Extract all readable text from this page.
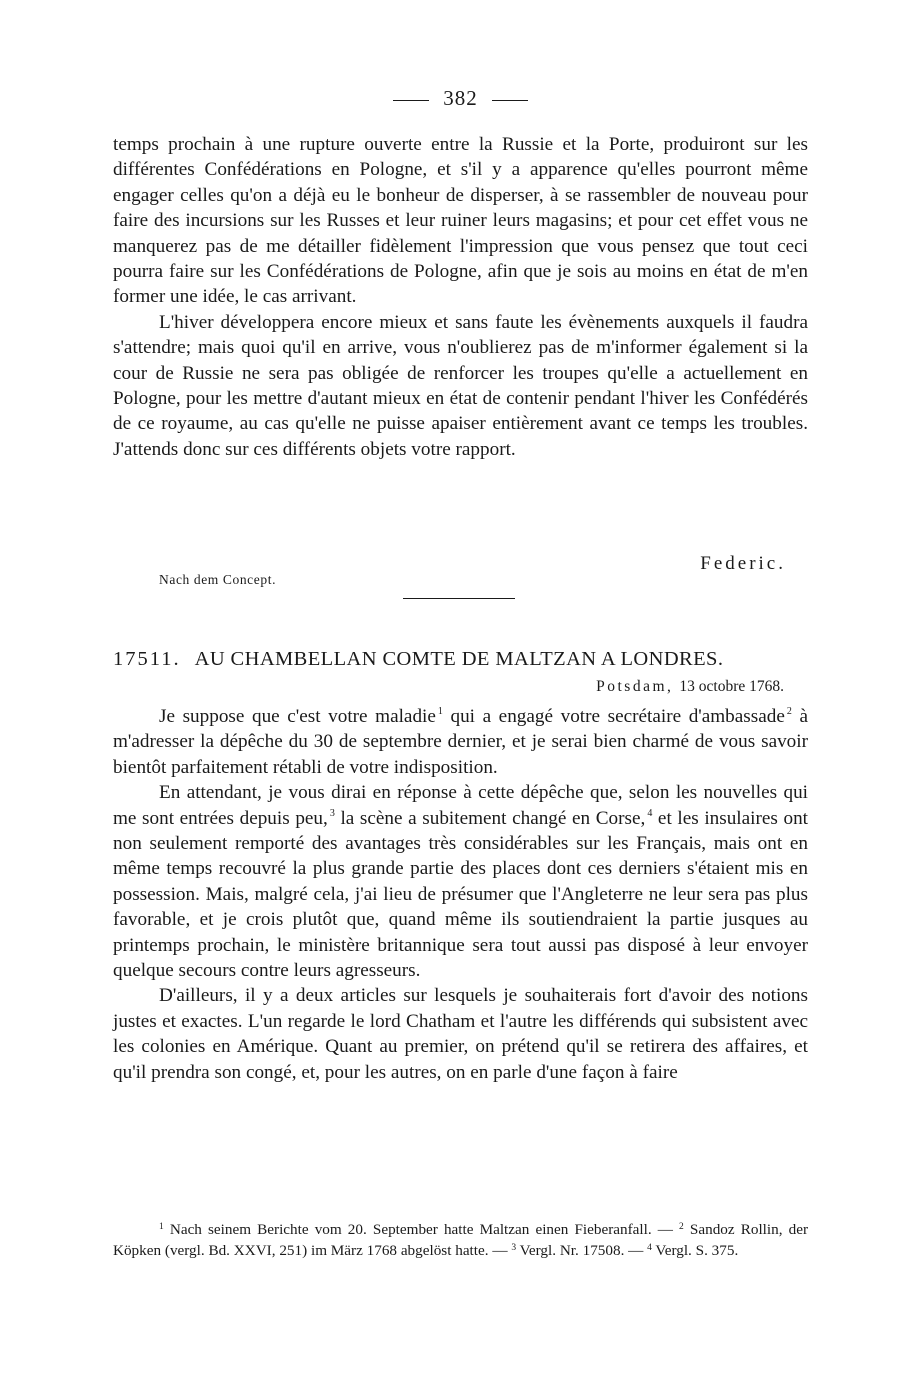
382

temps prochain à une rupture ouverte entre la Russie et la Porte, produiront sur les différentes Confédérations en Pologne, et s'il y a apparence qu'elles pourront même engager celles qu'on a déjà eu le bonheur de disperser, à se rassembler de nouveau pour faire des incursions sur les Russes et leur ruiner leurs magasins; et pour cet effet vous ne manquerez pas de me détailler fidèlement l'impression que vous pensez que tout ceci pourra faire sur les Confédérations de Pologne, afin que je sois au moins en état de m'en former une idée, le cas arrivant.

L'hiver développera encore mieux et sans faute les évènements auxquels il faudra s'attendre; mais quoi qu'il en arrive, vous n'oublierez pas de m'informer également si la cour de Russie ne sera pas obligée de renforcer les troupes qu'elle a actuellement en Pologne, pour les mettre d'autant mieux en état de contenir pendant l'hiver les Confédérés de ce royaume, au cas qu'elle ne puisse apaiser entièrement avant ce temps les troubles. J'attends donc sur ces différents objets votre rapport.

Federic.
Nach dem Concept.
17511. AU CHAMBELLAN COMTE DE MALTZAN A LONDRES.
Potsdam, 13 octobre 1768.

Je suppose que c'est votre maladie $^1$ qui a engagé votre secrétaire d'ambassade $^2$ à m'adresser la dépêche du 30 de septembre dernier, et je serai bien charmé de vous savoir bientôt parfaitement rétabli de votre indisposition.

En attendant, je vous dirai en réponse à cette dépêche que, selon les nouvelles qui me sont entrées depuis peu, $^3$ la scène a subitement changé en Corse, $^4$ et les insulaires ont non seulement remporté des avantages très considérables sur les Français, mais ont en même temps recouvré la plus grande partie des places dont ces derniers s'étaient mis en possession. Mais, malgré cela, j'ai lieu de présumer que l'Angleterre ne leur sera pas plus favorable, et je crois plutôt que, quand même ils soutiendraient la partie jusques au printemps prochain, le ministère britannique sera tout aussi pas disposé à leur envoyer quelque secours contre leurs agresseurs.

D'ailleurs, il y a deux articles sur lesquels je souhaiterais fort d'avoir des notions justes et exactes. L'un regarde le lord Chatham et l'autre les différends qui subsistent avec les colonies en Amérique. Quant au premier, on prétend qu'il se retirera des affaires, et qu'il prendra son congé, et, pour les autres, on en parle d'une façon à faire

$^1$ Nach seinem Berichte vom 20. September hatte Maltzan einen Fieberanfall. — $^2$ Sandoz Rollin, der Köpken (vergl. Bd. XXVI, 251) im März 1768 abgelöst hatte. — $^3$ Vergl. Nr. 17508. — $^4$ Vergl. S. 375.
